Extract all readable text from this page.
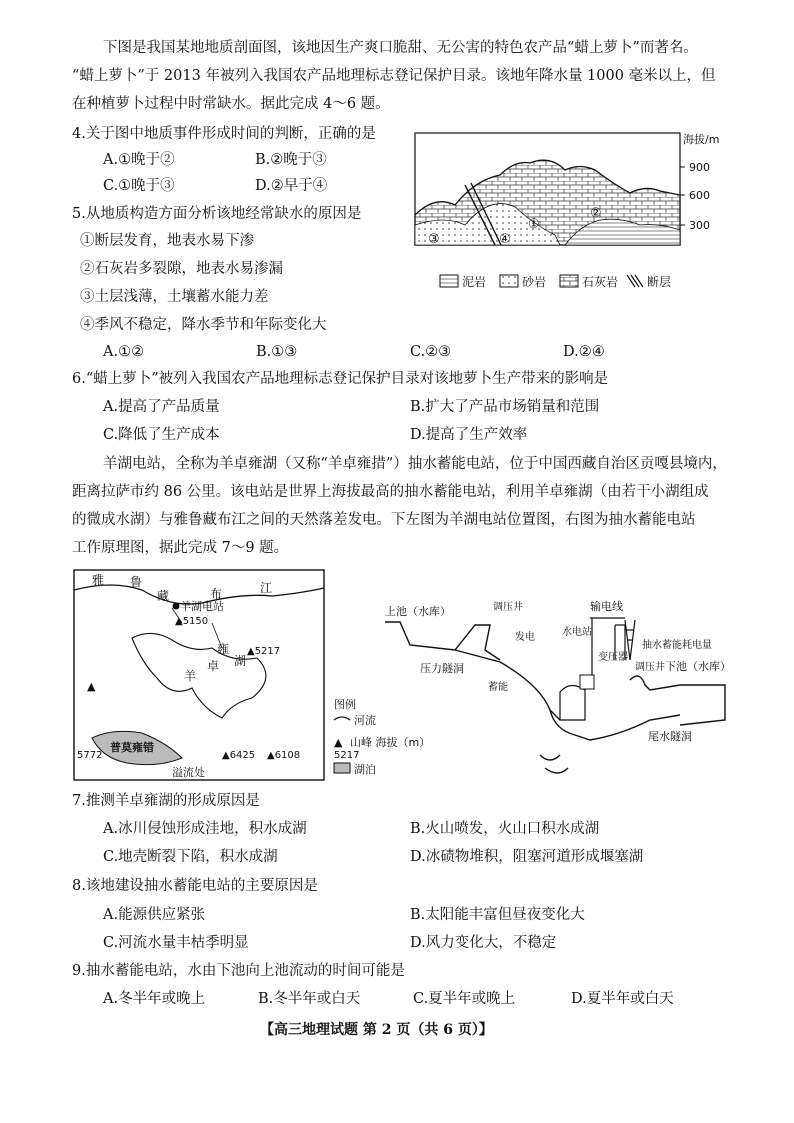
下图是我国某地地质剖面图，该地因生产爽口脆甜、无公害的特色农产品“蜡上萝卜”而著名。
“蜡上萝卜”于 2013 年被列入我国农产品地理标志登记保护目录。该地年降水量 1000 毫米以上，但
在种植萝卜过程中时常缺水。据此完成 4～6 题。
4.关于图中地质事件形成时间的判断，正确的是
A.①晚于②	B.②晚于③
C.①晚于③	D.②早于④
5.从地质构造方面分析该地经常缺水的原因是
①断层发育，地表水易下渗
②石灰岩多裂隙，地表水易渗漏
③土层浅薄，土壤蓄水能力差
④季风不稳定，降水季节和年际变化大
A.①②	B.①③	C.②③	D.②④
③	④
①
②
海拔/m
900
600
300
泥岩	砂岩	石灰岩 断层
6.“蜡上萝卜”被列入我国农产品地理标志登记保护目录对该地萝卜生产带来的影响是
A.提高了产品质量	B.扩大了产品市场销量和范围
C.降低了生产成本	D.提高了生产效率
羊湖电站，全称为羊卓雍湖（又称“羊卓雍措”）抽水蓄能电站，位于中国西藏自治区贡嘎县境内，
距离拉萨市约 86 公里。该电站是世界上海拔最高的抽水蓄能电站，利用羊卓雍湖（由若干小湖组成
的微成水湖）与雅鲁藏布江之间的天然落差发电。下左图为羊湖电站位置图，右图为抽水蓄能电站
工作原理图，据此完成 7～9 题。
雅 鲁
藏	布	江
羊湖电站
▲5150
▲5217
▲6425 ▲6108
5772
▲
羊
卓
雍
湖
普莫雍错
溢流处
图例
河流
▲ 山峰 海拔（m）
5217
湖泊
上池（水库）	调压井	输电线
发电	水电站
压力隧洞
蓄能
变压器
抽水蓄能耗电量
调压井 下池（水库）
尾水隧洞
7.推测羊卓雍湖的形成原因是
A.冰川侵蚀形成洼地，积水成湖	B.火山喷发，火山口积水成湖
C.地壳断裂下陷，积水成湖	D.冰碛物堆积，阻塞河道形成堰塞湖
8.该地建设抽水蓄能电站的主要原因是
A.能源供应紧张	B.太阳能丰富但昼夜变化大
C.河流水量丰枯季明显	D.风力变化大，不稳定
9.抽水蓄能电站，水由下池向上池流动的时间可能是
A.冬半年或晚上	B.冬半年或白天	C.夏半年或晚上	D.夏半年或白天
【高三地理试题 第 2 页（共 6 页）】
